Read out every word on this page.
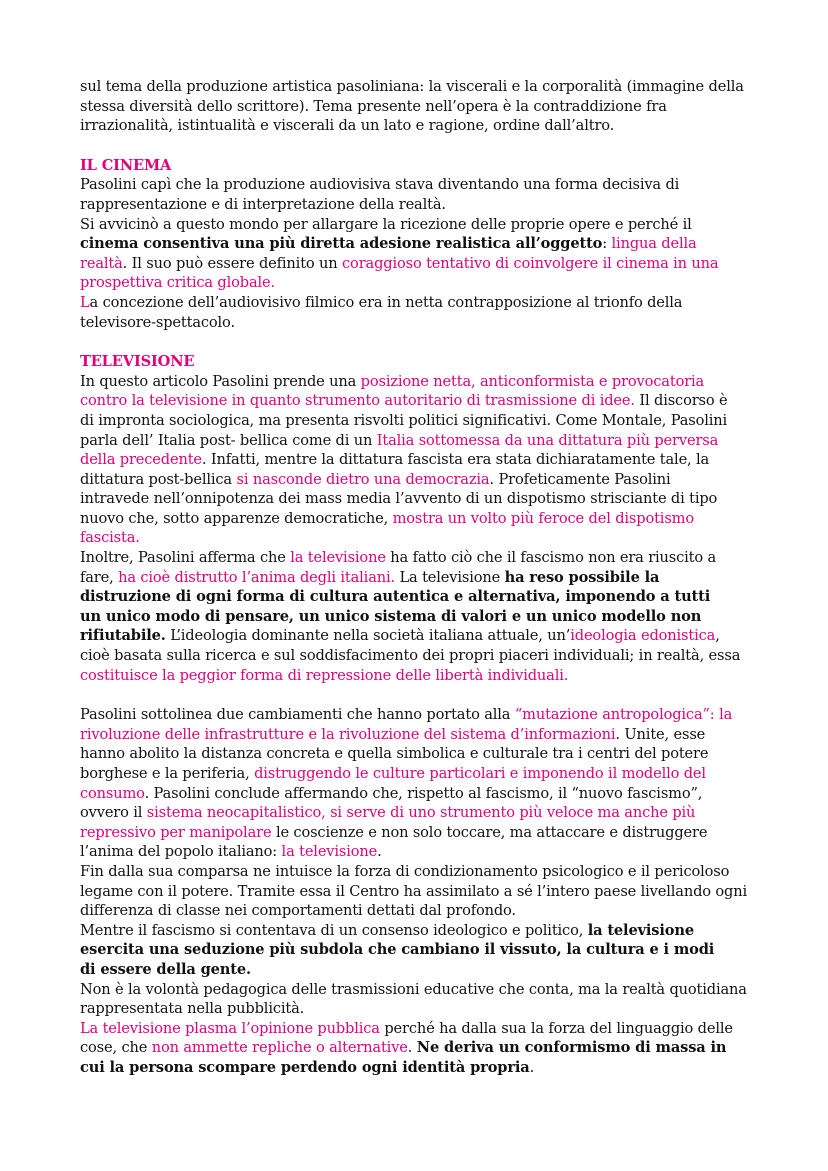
sul tema della produzione artistica pasoliniana: la viscerali e la corporalità (immagine della
stessa diversità dello scrittore). Tema presente nell’opera è la contraddizione fra
irrazionalità, istintualità e viscerali da un lato e ragione, ordine dall’altro.
IL CINEMA
Pasolini capì che la produzione audiovisiva stava diventando una forma decisiva di
rappresentazione e di interpretazione della realtà.
Si avvicinò a questo mondo per allargare la ricezione delle proprie opere e perché il
cinema consentiva una più diretta adesione realistica all’oggetto: lingua della
realtà. Il suo può essere definito un coraggioso tentativo di coinvolgere il cinema in una
prospettiva critica globale.
La concezione dell’audiovisivo filmico era in netta contrapposizione al trionfo della
televisore-spettacolo.
TELEVISIONE
In questo articolo Pasolini prende una posizione netta, anticonformista e provocatoria
contro la televisione in quanto strumento autoritario di trasmissione di idee. Il discorso è
di impronta sociologica, ma presenta risvolti politici significativi. Come Montale, Pasolini
parla dell’ Italia post- bellica come di un Italia sottomessa da una dittatura più perversa
della precedente. Infatti, mentre la dittatura fascista era stata dichiaratamente tale, la
dittatura post-bellica si nasconde dietro una democrazia. Profeticamente Pasolini
intravede nell’onnipotenza dei mass media l’avvento di un dispotismo strisciante di tipo
nuovo che, sotto apparenze democratiche, mostra un volto più feroce del dispotismo
fascista.
Inoltre, Pasolini afferma che la televisione ha fatto ciò che il fascismo non era riuscito a
fare, ha cioè distrutto l’anima degli italiani. La televisione ha reso possibile la
distruzione di ogni forma di cultura autentica e alternativa, imponendo a tutti
un unico modo di pensare, un unico sistema di valori e un unico modello non
rifiutabile. L’ideologia dominante nella società italiana attuale, un’ideologia edonistica,
cioè basata sulla ricerca e sul soddisfacimento dei propri piaceri individuali; in realtà, essa
costituisce la peggior forma di repressione delle libertà individuali.
Pasolini sottolinea due cambiamenti che hanno portato alla “mutazione antropologica”: la
rivoluzione delle infrastrutture e la rivoluzione del sistema d’informazioni. Unite, esse
hanno abolito la distanza concreta e quella simbolica e culturale tra i centri del potere
borghese e la periferia, distruggendo le culture particolari e imponendo il modello del
consumo. Pasolini conclude affermando che, rispetto al fascismo, il “nuovo fascismo”,
ovvero il sistema neocapitalistico, si serve di uno strumento più veloce ma anche più
repressivo per manipolare le coscienze e non solo toccare, ma attaccare e distruggere
l’anima del popolo italiano: la televisione.
Fin dalla sua comparsa ne intuisce la forza di condizionamento psicologico e il pericoloso
legame con il potere. Tramite essa il Centro ha assimilato a sé l’intero paese livellando ogni
differenza di classe nei comportamenti dettati dal profondo.
Mentre il fascismo si contentava di un consenso ideologico e politico, la televisione
esercita una seduzione più subdola che cambiano il vissuto, la cultura e i modi
di essere della gente.
Non è la volontà pedagogica delle trasmissioni educative che conta, ma la realtà quotidiana
rappresentata nella pubblicità.
La televisione plasma l’opinione pubblica perché ha dalla sua la forza del linguaggio delle
cose, che non ammette repliche o alternative. Ne deriva un conformismo di massa in
cui la persona scompare perdendo ogni identità propria.
